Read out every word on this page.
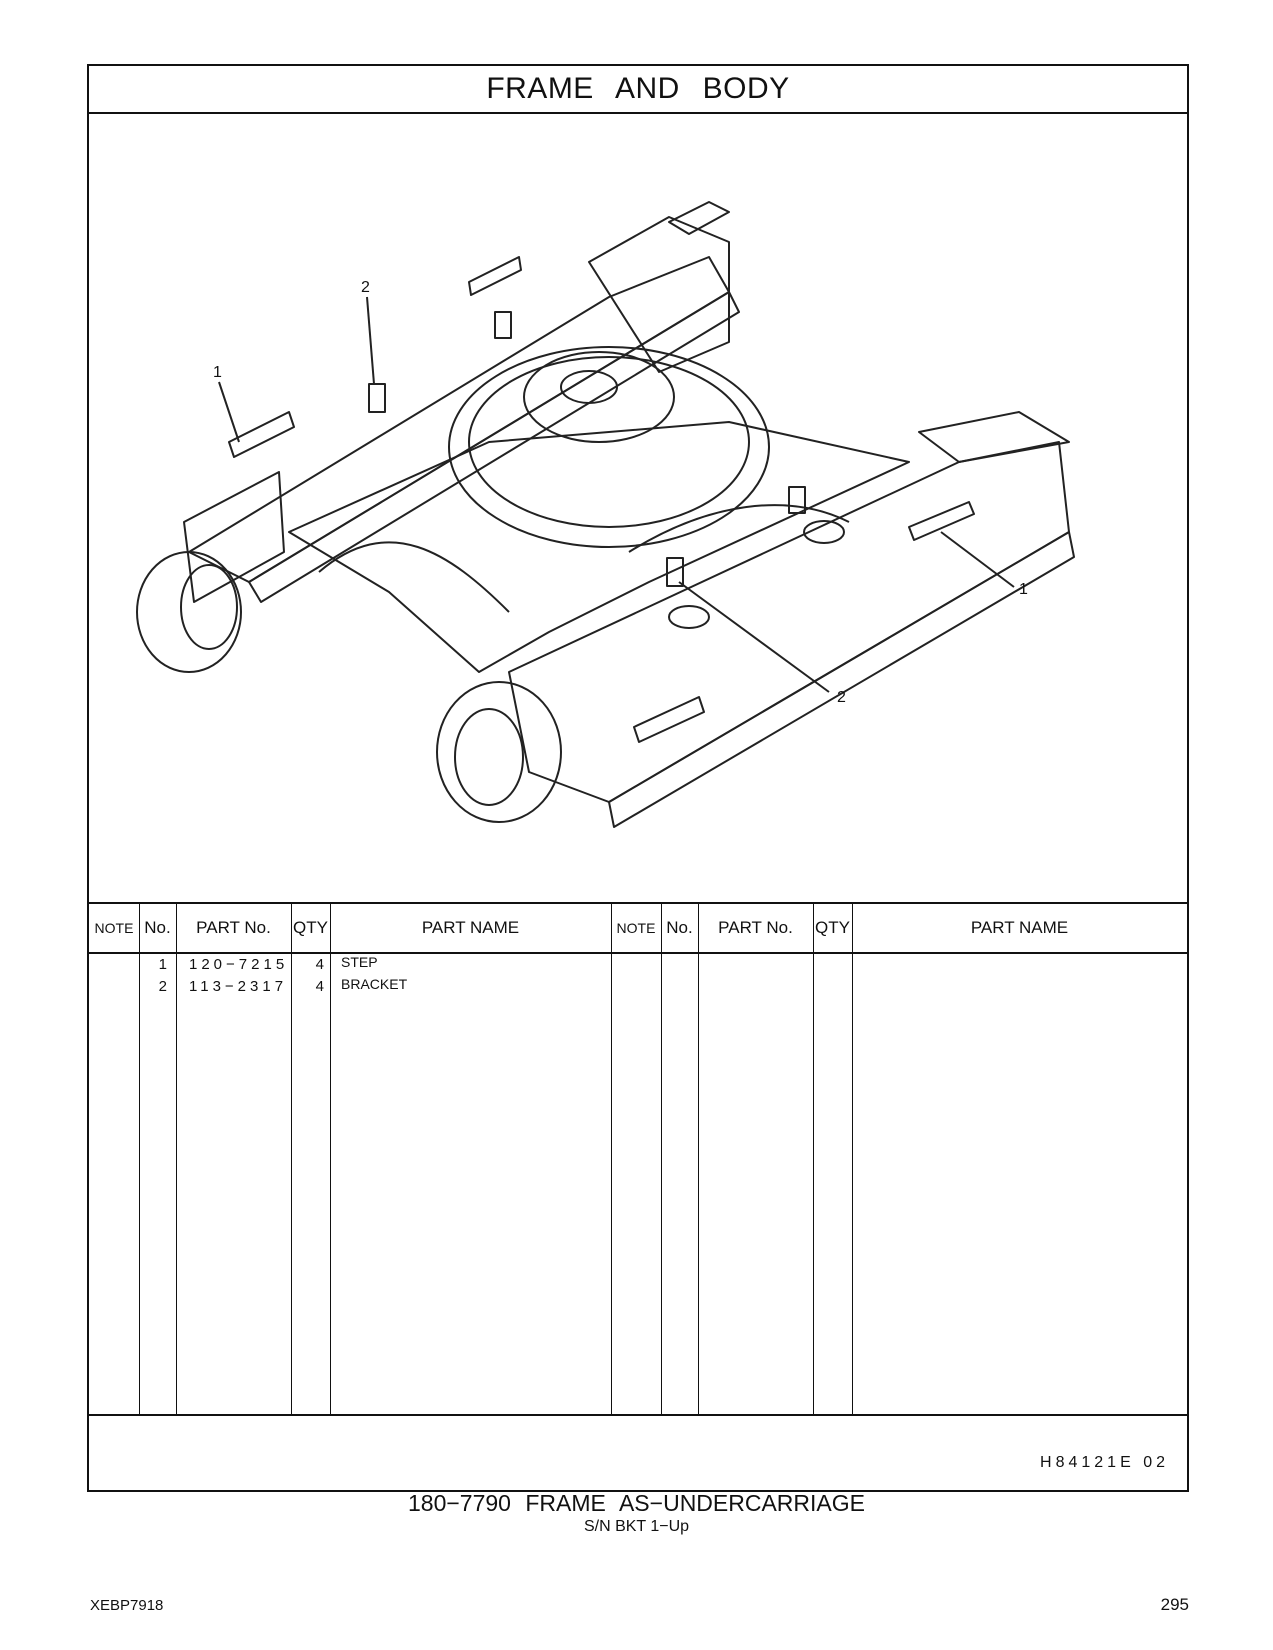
FRAME AND BODY
1
2
1
2
NOTE No.	PART No.	QTY	PART NAME	NOTE No.	PART No.	QTY	PART NAME
1 120−7215	4 STEP
2 113−2317	4 BRACKET
H84121E 02
180−7790 FRAME AS−UNDERCARRIAGE
S/N BKT 1−Up
XEBP7918	295
